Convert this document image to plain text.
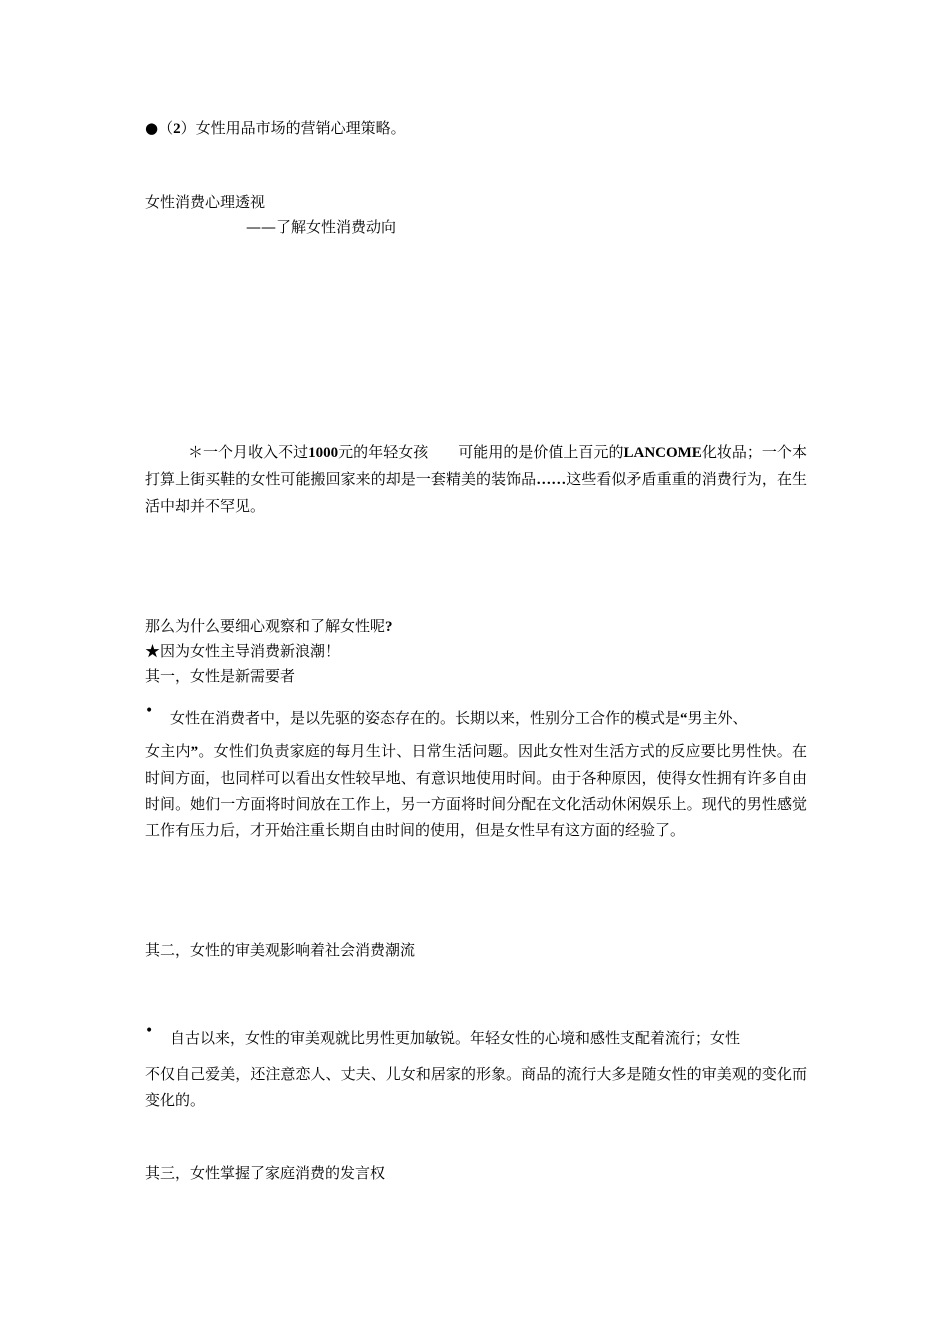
●（2）女性用品市场的营销心理策略。
女性消费心理透视
——了解女性消费动向
＊一个月收入不过1000元的年轻女孩 可能用的是价值上百元的LANCOME化妆品；一个本打算上街买鞋的女性可能搬回家来的却是一套精美的装饰品……这些看似矛盾重重的消费行为，在生活中却并不罕见。
那么为什么要细心观察和了解女性呢?
★因为女性主导消费新浪潮！
其一，女性是新需要者
• 女性在消费者中，是以先驱的姿态存在的。长期以来，性别分工合作的模式是“男主外、
女主内”。女性们负责家庭的每月生计、日常生活问题。因此女性对生活方式的反应要比男性快。在时间方面，也同样可以看出女性较早地、有意识地使用时间。由于各种原因，使得女性拥有许多自由时间。她们一方面将时间放在工作上，另一方面将时间分配在文化活动休闲娱乐上。现代的男性感觉工作有压力后，才开始注重长期自由时间的使用，但是女性早有这方面的经验了。
其二，女性的审美观影响着社会消费潮流
• 自古以来，女性的审美观就比男性更加敏锐。年轻女性的心境和感性支配着流行；女性
不仅自己爱美，还注意恋人、丈夫、儿女和居家的形象。商品的流行大多是随女性的审美观的变化而变化的。
其三，女性掌握了家庭消费的发言权
